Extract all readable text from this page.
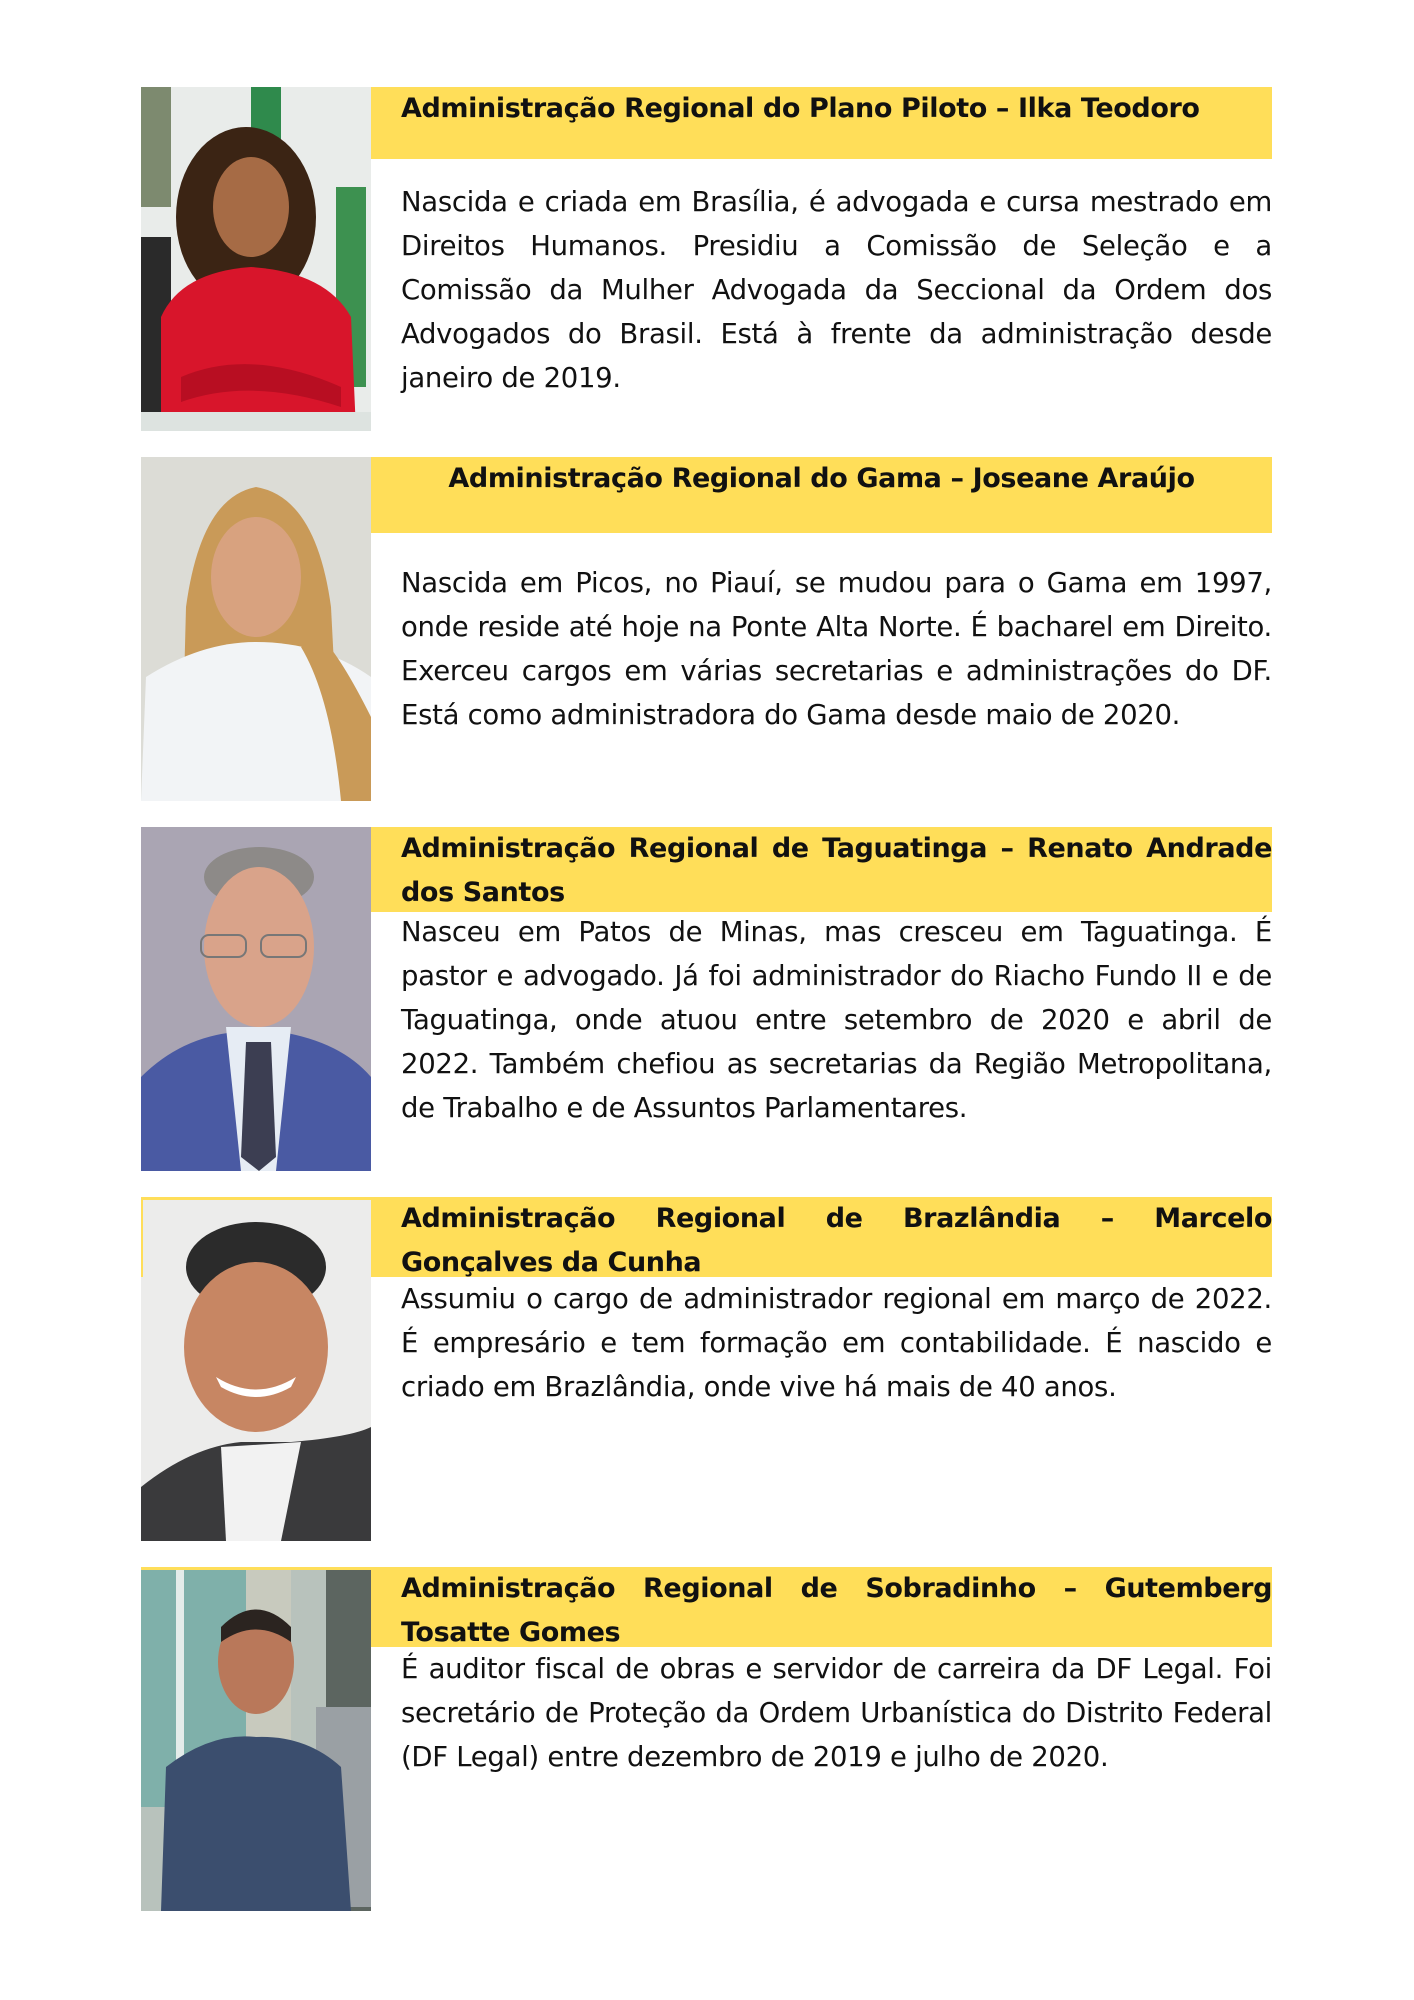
Administração Regional do Plano Piloto – Ilka Teodoro

Nascida e criada em Brasília, é advogada e cursa mestrado em Direitos Humanos. Presidiu a Comissão de Seleção e a Comissão da Mulher Advogada da Seccional da Ordem dos Advogados do Brasil. Está à frente da administração desde janeiro de 2019.

Administração Regional do Gama – Joseane Araújo

Nascida em Picos, no Piauí, se mudou para o Gama em 1997, onde reside até hoje na Ponte Alta Norte. É bacharel em Direito. Exerceu cargos em várias secretarias e administrações do DF. Está como administradora do Gama desde maio de 2020.

Administração Regional de Taguatinga – Renato Andrade dos Santos

Nasceu em Patos de Minas, mas cresceu em Taguatinga. É pastor e advogado. Já foi administrador do Riacho Fundo II e de Taguatinga, onde atuou entre setembro de 2020 e abril de 2022. Também chefiou as secretarias da Região Metropolitana, de Trabalho e de Assuntos Parlamentares.

Administração Regional de Brazlândia – Marcelo Gonçalves da Cunha

Assumiu o cargo de administrador regional em março de 2022. É empresário e tem formação em contabilidade. É nascido e criado em Brazlândia, onde vive há mais de 40 anos.

Administração Regional de Sobradinho – Gutemberg Tosatte Gomes

É auditor fiscal de obras e servidor de carreira da DF Legal. Foi secretário de Proteção da Ordem Urbanística do Distrito Federal (DF Legal) entre dezembro de 2019 e julho de 2020.
